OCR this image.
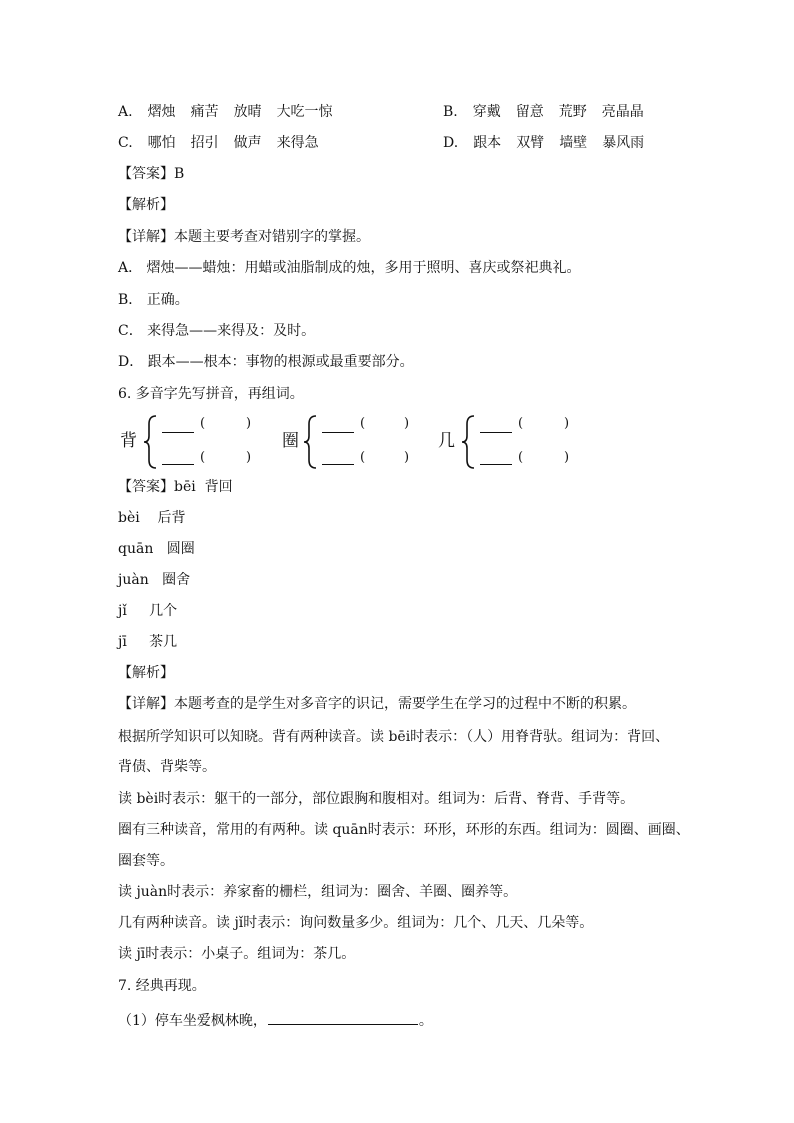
A. 熠烛 痛苦 放晴 大吃一惊	B. 穿戴 留意 荒野 亮晶晶
C. 哪怕 招引 做声 来得急	D. 跟本 双臂 墙壁 暴风雨
【答案】B
【解析】
【详解】本题主要考查对错别字的掌握。
A． 熠烛——蜡烛：用蜡或油脂制成的烛，多用于照明、喜庆或祭祀典礼。
B． 正确。
C． 来得急——来得及：及时。
D． 跟本——根本：事物的根源或最重要部分。
6. 多音字先写拼音，再组词。
背
(	)
(	)
圈
(	)
(	)
几
(	)
(	)
【答案】bēi  背回
bèi    后背
quān   圆圈
juàn   圈舍
jǐ     几个
jī     茶几
【解析】
【详解】本题考查的是学生对多音字的识记，需要学生在学习的过程中不断的积累。
根据所学知识可以知晓。背有两种读音。读 bēi时表示：（人）用脊背驮。组词为：背回、
背债、背柴等。
读 bèi时表示：躯干的一部分，部位跟胸和腹相对。组词为：后背、脊背、手背等。
圈有三种读音，常用的有两种。读 quān时表示：环形，环形的东西。组词为：圆圈、画圈、
圈套等。
读 juàn时表示：养家畜的栅栏，组词为：圈舍、羊圈、圈养等。
几有两种读音。读 jǐ时表示：询问数量多少。组词为：几个、几天、几朵等。
读 jī时表示：小桌子。组词为：茶几。
7. 经典再现。
（1）停车坐爱枫林晚，	。
